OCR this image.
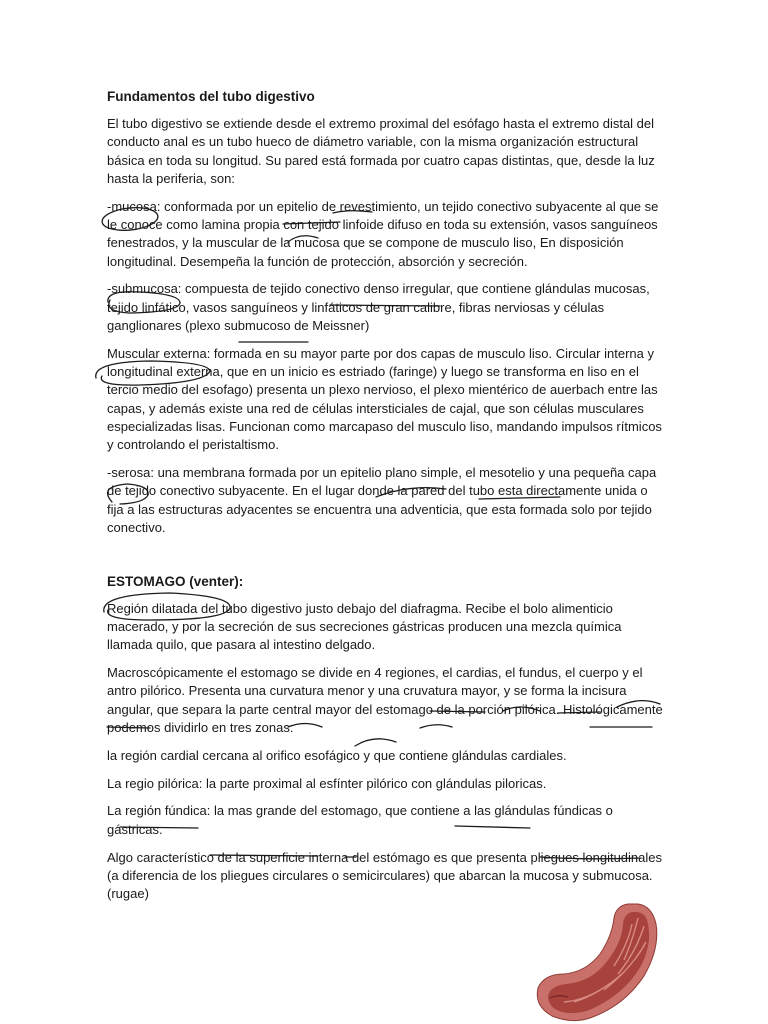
Fundamentos del tubo digestivo

El tubo digestivo se extiende desde el extremo proximal del esófago hasta el extremo distal del conducto anal es un tubo hueco de diámetro variable, con la misma organización estructural básica en toda su longitud. Su pared está formada por cuatro capas distintas, que, desde la luz hasta la periferia, son:

-mucosa: conformada por un epitelio de revestimiento, un tejido conectivo subyacente al que se le conoce como lamina propia con tejido linfoide difuso en toda su extensión, vasos sanguíneos fenestrados, y la muscular de la mucosa que se compone de musculo liso, En disposición longitudinal. Desempeña la función de protección, absorción y secreción.

-submucosa: compuesta de tejido conectivo denso irregular, que contiene glándulas mucosas, tejido linfático, vasos sanguíneos y linfáticos de gran calibre, fibras nerviosas y células ganglionares (plexo submucoso de Meissner)

Muscular externa: formada en su mayor parte por dos capas de musculo liso. Circular interna y longitudinal externa, que en un inicio es estriado (faringe) y luego se transforma en liso en el tercio medio del esofago) presenta un plexo nervioso, el plexo mientérico de auerbach entre las capas, y además existe una red de células intersticiales de cajal, que son células musculares especializadas lisas. Funcionan como marcapaso del musculo liso, mandando impulsos rítmicos y controlando el peristaltismo.

-serosa: una membrana formada por un epitelio plano simple, el mesotelio y una pequeña capa de tejido conectivo subyacente. En el lugar donde la pared del tubo esta directamente unida o fija a las estructuras adyacentes se encuentra una adventicia, que esta formada solo por tejido conectivo.

ESTOMAGO (venter):

Región dilatada del tubo digestivo justo debajo del diafragma. Recibe el bolo alimenticio macerado, y por la secreción de sus secreciones gástricas producen una mezcla química llamada quilo, que pasara al intestino delgado.

Macroscópicamente el estomago se divide en 4 regiones, el cardias, el fundus, el cuerpo y el antro pilórico. Presenta una curvatura menor y una cruvatura mayor, y se forma la incisura angular, que separa la parte central mayor del estomago de la porción pilórica. Histológicamente podemos dividirlo en tres zonas:

la región cardial cercana al orifico esofágico y que contiene glándulas cardiales.

La regio pilórica: la parte proximal al esfínter pilórico con glándulas piloricas.

La región fúndica: la mas grande del estomago, que contiene a las glándulas fúndicas o gástricas.

Algo característico de la superficie interna del estómago es que presenta pliegues longitudinales (a diferencia de los pliegues circulares o semicirculares) que abarcan la mucosa y submucosa. (rugae)
